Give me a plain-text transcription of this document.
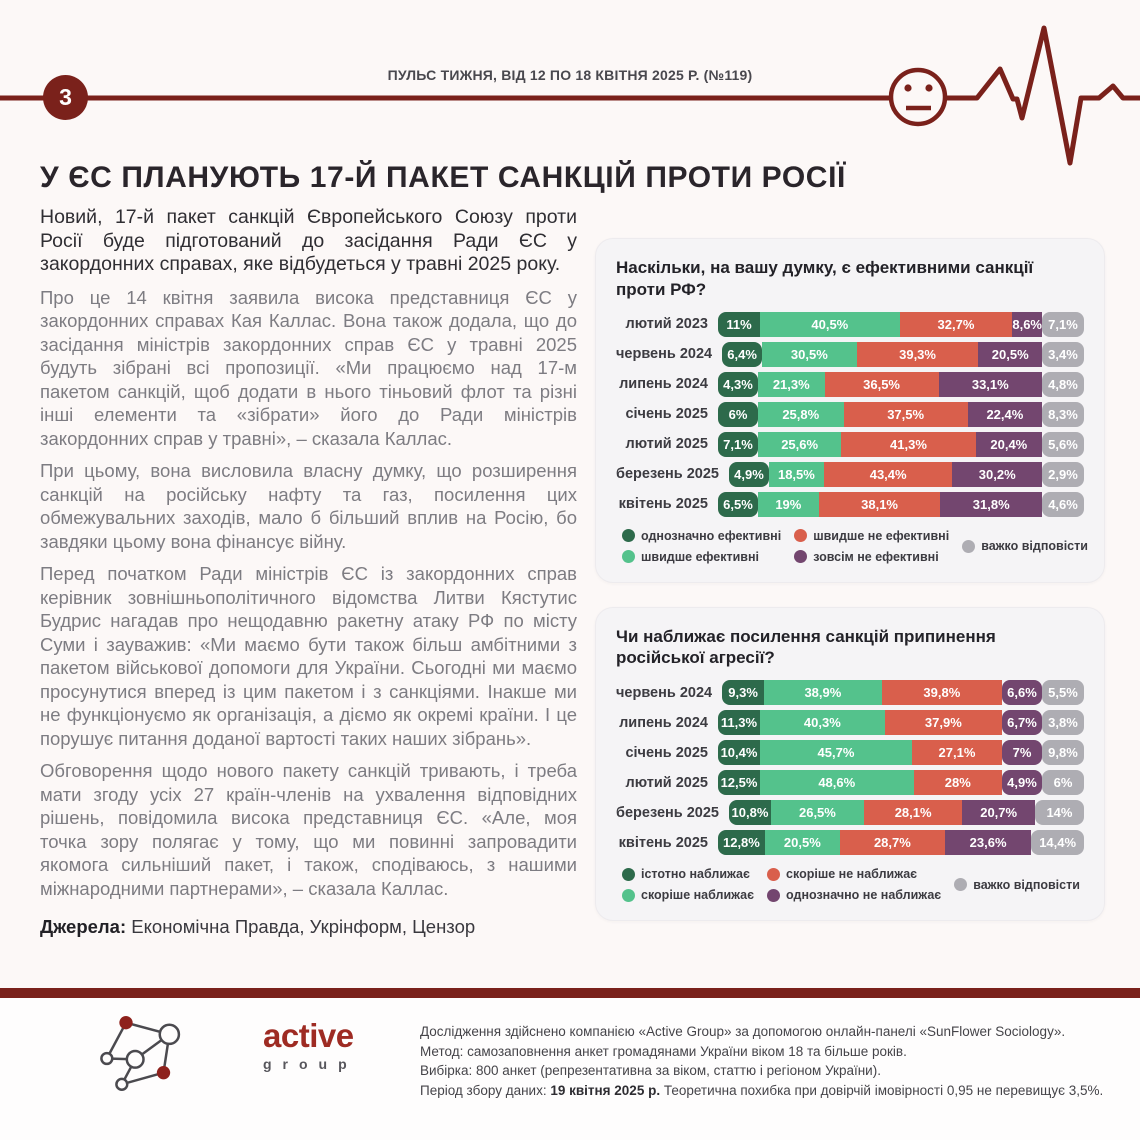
3
ПУЛЬС ТИЖНЯ, ВІД 12 ПО 18 КВІТНЯ 2025 Р. (№119)
У ЄС ПЛАНУЮТЬ 17-Й ПАКЕТ САНКЦІЙ ПРОТИ РОСІЇ

Новий, 17-й пакет санкцій Європейського Союзу проти Росії буде підготований до засідання Ради ЄС у закордонних справах, яке відбудеться у травні 2025 року.

Про це 14 квітня заявила висока представниця ЄС у закордонних справах Кая Каллас. Вона також додала, що до засідання міністрів закордонних справ ЄС у травні 2025 будуть зібрані всі пропозиції. «Ми працюємо над 17-м пакетом санкцій, щоб додати в нього тіньовий флот та різні інші елементи та «зібрати» його до Ради міністрів закордонних справ у травні», – сказала Каллас.

При цьому, вона висловила власну думку, що розширення санкцій на російську нафту та газ, посилення цих обмежувальних заходів, мало б більший вплив на Росію, бо завдяки цьому вона фінансує війну.

Перед початком Ради міністрів ЄС із закордонних справ керівник зовнішньополітичного відомства Литви Кястутис Будрис нагадав про нещодавню ракетну атаку РФ по місту Суми і зауважив: «Ми маємо бути також більш амбітними з пакетом військової допомоги для України. Сьогодні ми маємо просунутися вперед із цим пакетом і з санкціями. Інакше ми не функціонуємо як організація, а діємо як окремі країни. І це порушує питання доданої вартості таких наших зібрань».

Обговорення щодо нового пакету санкцій тривають, і треба мати згоду усіх 27 країн-членів на ухвалення відповідних рішень, повідомила висока представниця ЄС. «Але, моя точка зору полягає у тому, що ми повинні запровадити якомога сильніший пакет, і також, сподіваюсь, з нашими міжнародними партнерами», – сказала Каллас.

Джерела: Економічна Правда, Укрінформ, Цензор
Наскільки, на вашу думку, є ефективними санкції проти РФ?
лютий 2023	11%	40,5%	32,7%	8,6% 7,1%
червень 2024	6,4%	30,5%	39,3%	20,5% 3,4%
липень 2024	4,3% 21,3%	36,5%	33,1%	4,8%
січень 2025	6%	25,8%	37,5%	22,4% 8,3%
лютий 2025	7,1% 25,6%	41,3%	20,4% 5,6%
березень 2025	4,9% 18,5%	43,4%	30,2%	2,9%
квітень 2025	6,5% 19%	38,1%	31,8%	4,6%
однозначно ефективні
швидше ефективні
швидше не ефективні
зовсім не ефективні
важко відповісти
Чи наближає посилення санкцій припинення російської агресії?
червень 2024	9,3%	38,9%	39,8%	6,6% 5,5%
липень 2024 11,3%	40,3%	37,9%	6,7% 3,8%
січень 2025 10,4%	45,7%	27,1%	7% 9,8%
лютий 2025 12,5%	48,6%	28%	4,9% 6%
березень 2025 10,8% 26,5%	28,1%	20,7% 14%
квітень 2025	12,8% 20,5%	28,7%	23,6%	14,4%
істотно наближає
скоріше наближає
скоріше не наближає
однозначно не наближає
важко відповісти
active
group
Дослідження здійснено компанією «Active Group» за допомогою онлайн-панелі «SunFlower Sociology».
Метод: самозаповнення анкет громадянами України віком 18 та більше років.
Вибірка: 800 анкет (репрезентативна за віком, статтю і регіоном України).
Період збору даних: 19 квітня 2025 р. Теоретична похибка при довірчій імовірності 0,95 не перевищує 3,5%.
